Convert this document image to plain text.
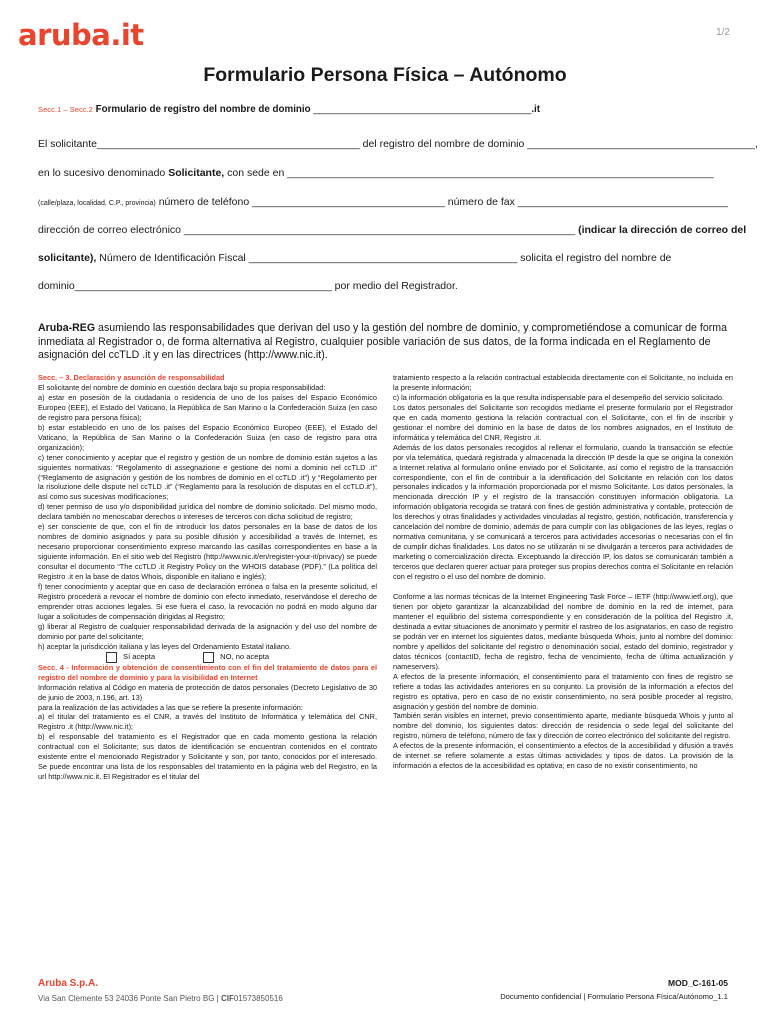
aruba.it	1/2
Formulario Persona Física – Autónomo
Secc.1 – Secc.2 Formulario de registro del nombre de dominio ________________________________________.it
El solicitante_____________________________________________ del registro del nombre de dominio _______________________________________,
en lo sucesivo denominado Solicitante, con sede en _________________________________________________________________________
(calle/plaza, localidad, C.P., provincia) número de teléfono _________________________________ número de fax ____________________________________
dirección de correo electrónico ___________________________________________________________________ (indicar la dirección de correo del
solicitante), Número de Identificación Fiscal ______________________________________________ solicita el registro del nombre de
dominio____________________________________________ por medio del Registrador.
Aruba-REG asumiendo las responsabilidades que derivan del uso y la gestión del nombre de dominio, y comprometiéndose a comunicar de forma inmediata al Registrador o, de forma alternativa al Registro, cualquier posible variación de sus datos, de la forma indicada en el Reglamento de asignación del ccTLD .it y en las directrices (http://www.nic.it).

Secc. – 3. Declaración y asunción de responsabilidad

El solicitante del nombre de dominio en cuestión declara bajo su propia responsabilidad:

a) estar en posesión de la ciudadanía o residencia de uno de los países del Espacio Económico Europeo (EEE), el Estado del Vaticano, la República de San Marino o la Confederación Suiza (en caso de registro para persona física);

b) estar establecido en uno de los países del Espacio Económico Europeo (EEE), el Estado del Vaticano, la República de San Marino o la Confederación Suiza (en caso de registro para otra organización);

c) tener conocimiento y aceptar que el registro y gestión de un nombre de dominio están sujetos a las siguientes normativas: “Regolamento di assegnazione e gestione dei nomi a dominio nel ccTLD .it” (“Reglamento de asignación y gestión de los nombres de dominio en el ccTLD .it”) y “Regolamento per la risoluzione delle dispute nel ccTLD .it” (“Reglamento para la resolución de disputas en el ccTLD.it”), así como sus sucesivas modificaciones;

d) tener permiso de uso y/o disponibilidad jurídica del nombre de dominio solicitado. Del mismo modo, declara también no menoscabar derechos o intereses de terceros con dicha solicitud de registro;

e) ser consciente de que, con el fin de introducir los datos personales en la base de datos de los nombres de dominio asignados y para su posible difusión y accesibilidad a través de Internet, es necesario proporcionar consentimiento expreso marcando las casillas correspondientes en base a la siguiente información. En el sitio web del Registro (http://www.nic.it/en/register-your-it/privacy) se puede consultar el documento “The ccTLD .it Registry Policy on the WHOIS database (PDF).” (La política del Registro .it en la base de datos Whois, disponible en italiano e inglés);

f) tener conocimiento y aceptar que en caso de declaración errónea o falsa en la presente solicitud, el Registro procederá a revocar el nombre de dominio con efecto inmediato, reservándose el derecho de emprender otras acciones legales. Si ese fuera el caso, la revocación no podrá en modo alguno dar lugar a solicitudes de compensación dirigidas al Registro;

g) liberar al Registro de cualquier responsabilidad derivada de la asignación y del uso del nombre de dominio por parte del solicitante;

h) aceptar la jurisdicción italiana y las leyes del Ordenamiento Estatal italiano.

Sí acepta	NO, no acepta

Secc. 4 - Información y obtención de consentimiento con el fin del tratamiento de datos para el registro del nombre de dominio y para la visibilidad en Internet

Información relativa al Código en materia de protección de datos personales (Decreto Legislativo de 30 de junio de 2003, n.196, art. 13)

para la realización de las actividades a las que se refiere la presente información:

a) el titular del tratamiento es el CNR, a través del Instituto de Informática y telemática del CNR, Registro .it (http://www.nic.it);

b) el responsable del tratamiento es el Registrador que en cada momento gestiona la relación contractual con el Solicitante; sus datos de identificación se encuentran contenidos en el contrato existente entre el mencionado Registrador y Solicitante y son, por tanto, conocidos por el interesado. Se puede encontrar una lista de los responsables del tratamiento en la página web del Registro, en la url http://www.nic.it. El Registrador es el titular del

tratamiento respecto a la relación contractual establecida directamente con el Solicitante, no incluida en la presente información;

c) la información obligatoria es la que resulta indispensable para el desempeño del servicio solicitado.

Los datos personales del Solicitante son recogidos mediante el presente formulario por el Registrador que en cada momento gestiona la relación contractual con el Solicitante, con el fin de inscribir y gestionar el nombre del dominio en la base de datos de los nombres asignados, en el Instituto de informática y telemática del CNR, Registro .it.

Además de los datos personales recogidos al rellenar el formulario, cuando la transacción se efectúe por vía telemática, quedará registrada y almacenada la dirección IP desde la que se origina la conexión a Internet relativa al formulario online enviado por el Solicitante, así como el registro de la transacción correspondiente, con el fin de contribuir a la identificación del Solicitante en relación con los datos personales indicados y la información proporcionada por el mismo Solicitante. Los datos personales, la mencionada dirección IP y el registro de la transacción constituyen información obligatoria. La información obligatoria recogida se tratará con fines de gestión administrativa y contable, protección de los derechos y otras finalidades y actividades vinculadas al registro, gestión, notificación, transferencia y cancelación del nombre de dominio, además de para cumplir con las obligaciones de las leyes, reglas o normativa comunitaria, y se comunicará a terceros para actividades accesorias o necesarias con el fin de cumplir dichas finalidades. Los datos no se utilizarán ni se divulgarán a terceros para actividades de marketing o comercialización directa. Exceptuando la dirección IP, los datos se comunicarán también a terceros que declaren querer actuar para proteger sus propios derechos contra el Solicitante en relación con el registro o el uso del nombre de dominio.

Conforme a las normas técnicas de la Internet Engineering Task Force – IETF (http://www.ietf.org), que tienen por objeto garantizar la alcanzabilidad del nombre de dominio en la red de internet, para mantener el equilibrio del sistema correspondiente y en consideración de la política del Registro .it, destinada a evitar situaciones de anonimato y permitir el rastreo de los asignatarios, en caso de registro se podrán ver en internet los siguientes datos, mediante búsqueda Whois, junto al nombre del dominio: nombre y apellidos del solicitante del registro o denominación social, estado del dominio, registrador y datos técnicos (contactID, fecha de registro, fecha de vencimiento, fecha de última actualización y nameservers).

A efectos de la presente información, el consentimiento para el tratamiento con fines de registro se refiere a todas las actividades anteriores en su conjunto. La provisión de la información a efectos del registro es optativa, pero en caso de no existir consentimiento, no será posible proceder al registro, asignación y gestión del nombre de dominio.

También serán visibles en internet, previo consentimiento aparte, mediante búsqueda Whois y junto al nombre del dominio, los siguientes datos: dirección de residencia o sede legal del solicitante del registro, número de teléfono, número de fax y dirección de correo electrónico del solicitante del registro.

A efectos de la presente información, el consentimiento a efectos de la accesibilidad y difusión a través de internet se refiere solamente a estas últimas actividades y tipos de datos. La provisión de la información a efectos de la accesibilidad es optativa; en caso de no existir consentimiento, no

Aruba S.p.A.
Via San Clemente 53 24036 Ponte San Pietro BG | CIF01573850516
MOD_C-161-05
Documento confidencial | Formulario Persona Física/Autónomo_1.1
